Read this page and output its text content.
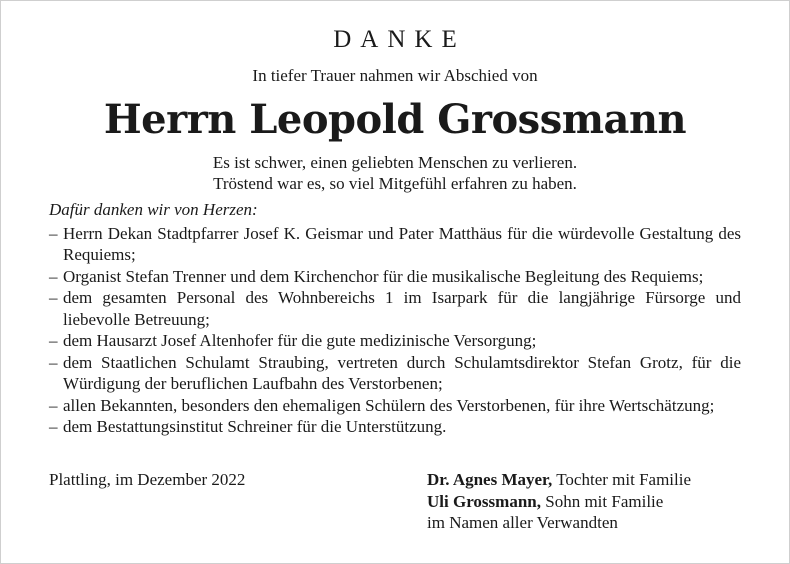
DANKE

In tiefer Trauer nahmen wir Abschied von

Herrn Leopold Grossmann

Es ist schwer, einen geliebten Menschen zu verlieren.
Tröstend war es, so viel Mitgefühl erfahren zu haben.

Dafür danken wir von Herzen:

– Herrn Dekan Stadtpfarrer Josef K. Geismar und Pater Matthäus für die würdevolle Gestaltung des Requiems;
– Organist Stefan Trenner und dem Kirchenchor für die musikalische Begleitung des Requiems;
– dem gesamten Personal des Wohnbereichs 1 im Isarpark für die langjährige Fürsorge und liebevolle Betreuung;
– dem Hausarzt Josef Altenhofer für die gute medizinische Versorgung;
– dem Staatlichen Schulamt Straubing, vertreten durch Schulamtsdirektor Stefan Grotz, für die Würdigung der beruflichen Laufbahn des Verstorbenen;
– allen Bekannten, besonders den ehemaligen Schülern des Verstorbenen, für ihre Wertschätzung;
– dem Bestattungsinstitut Schreiner für die Unterstützung.

Plattling, im Dezember 2022	Dr. Agnes Mayer, Tochter mit Familie
Uli Grossmann, Sohn mit Familie
im Namen aller Verwandten
